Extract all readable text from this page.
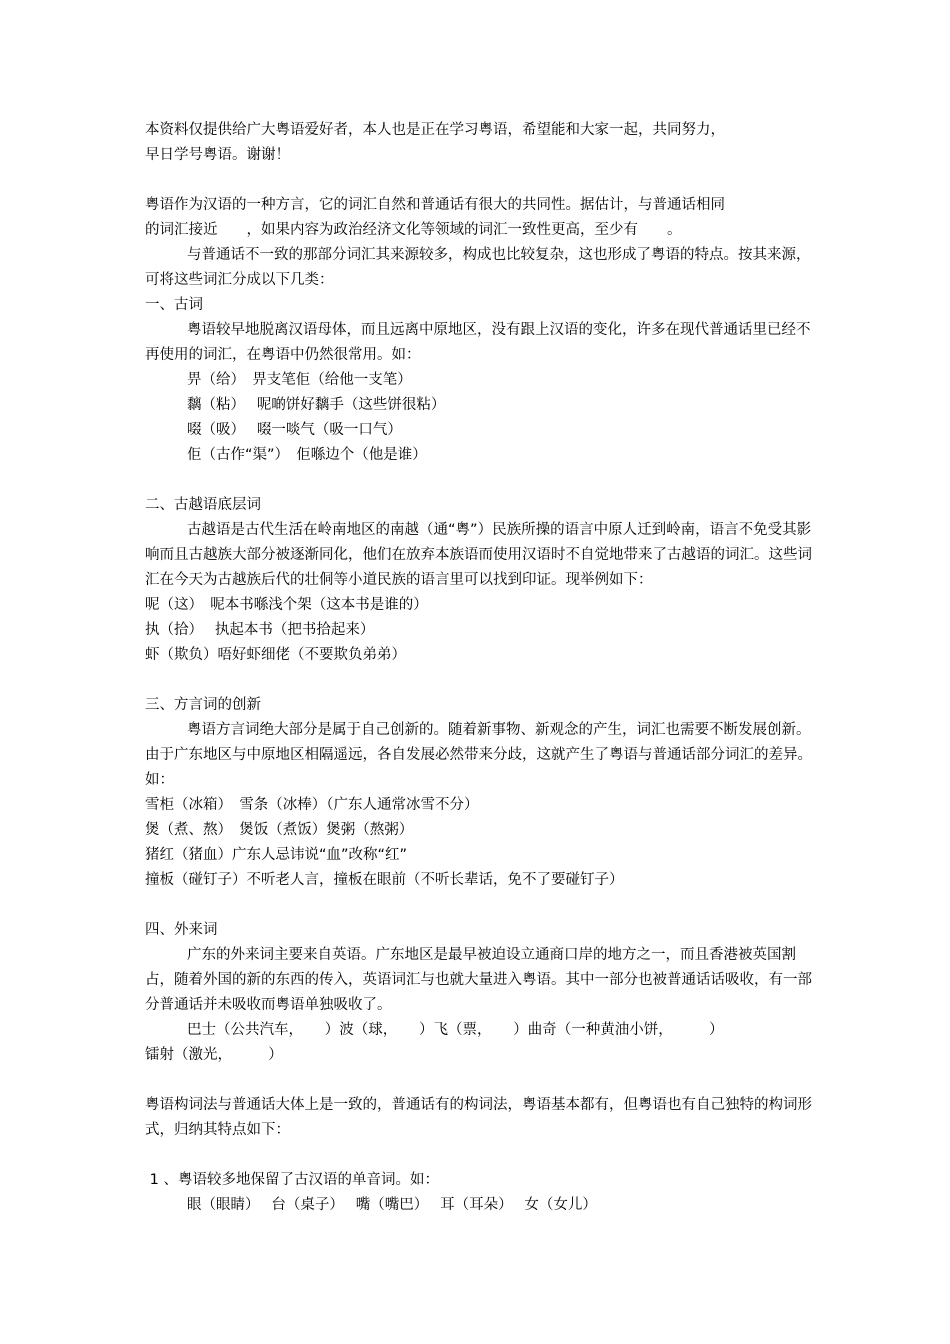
本资料仅提供给广大粤语爱好者，本人也是正在学习粤语，希望能和大家一起，共同努力，

早日学号粤语。谢谢！

粤语作为汉语的一种方言，它的词汇自然和普通话有很大的共同性。据估计，与普通话相同

的词汇接近　　，如果内容为政治经济文化等领域的词汇一致性更高，至少有　　。

与普通话不一致的那部分词汇其来源较多，构成也比较复杂，这也形成了粤语的特点。按其来源，可将这些词汇分成以下几类：

一、古词

粤语较早地脱离汉语母体，而且远离中原地区，没有跟上汉语的变化，许多在现代普通话里已经不再使用的词汇，在粤语中仍然很常用。如：

畀（给）　畀支笔佢（给他一支笔）

黐（粘）　 呢啲饼好黐手（这些饼很粘）

啜（吸）　 啜一啖气（吸一口气）

佢（古作“渠”）　佢喺边个（他是谁）

二、古越语底层词

古越语是古代生活在岭南地区的南越（通“粤”）民族所操的语言中原人迁到岭南，语言不免受其影响而且古越族大部分被逐渐同化，他们在放弃本族语而使用汉语时不自觉地带来了古越语的词汇。这些词汇在今天为古越族后代的壮侗等小道民族的语言里可以找到印证。现举例如下：

呢（这）　呢本书喺浅个架（这本书是谁的）

执（拾）　 执起本书（把书拾起来）

虾（欺负）唔好虾细佬（不要欺负弟弟）

三、方言词的创新

粤语方言词绝大部分是属于自己创新的。随着新事物、新观念的产生，词汇也需要不断发展创新。由于广东地区与中原地区相隔遥远，各自发展必然带来分歧，这就产生了粤语与普通话部分词汇的差异。如：

雪柜（冰箱）　雪条（冰棒）（广东人通常冰雪不分）

煲（煮、熬）　煲饭（煮饭）煲粥（熬粥）

猪红（猪血）广东人忌讳说“血”改称“红”

撞板（碰钉子）不听老人言，撞板在眼前（不听长辈话，免不了要碰钉子）

四、外来词

广东的外来词主要来自英语。广东地区是最早被迫设立通商口岸的地方之一，而且香港被英国割占，随着外国的新的东西的传入，英语词汇与也就大量进入粤语。其中一部分也被普通话话吸收，有一部分普通话并未吸收而粤语单独吸收了。

巴士（公共汽车，　　）波（球，　　）飞（票，　　）曲奇（一种黄油小饼，　　　）

镭射（激光，　　　）

粤语构词法与普通话大体上是一致的，普通话有的构词法，粤语基本都有，但粤语也有自己独特的构词形式，归纳其特点如下：

1 、粤语较多地保留了古汉语的单音词。如：

眼（眼睛）　 台（桌子）　 嘴（嘴巴）　 耳（耳朵）　 女（女儿）
